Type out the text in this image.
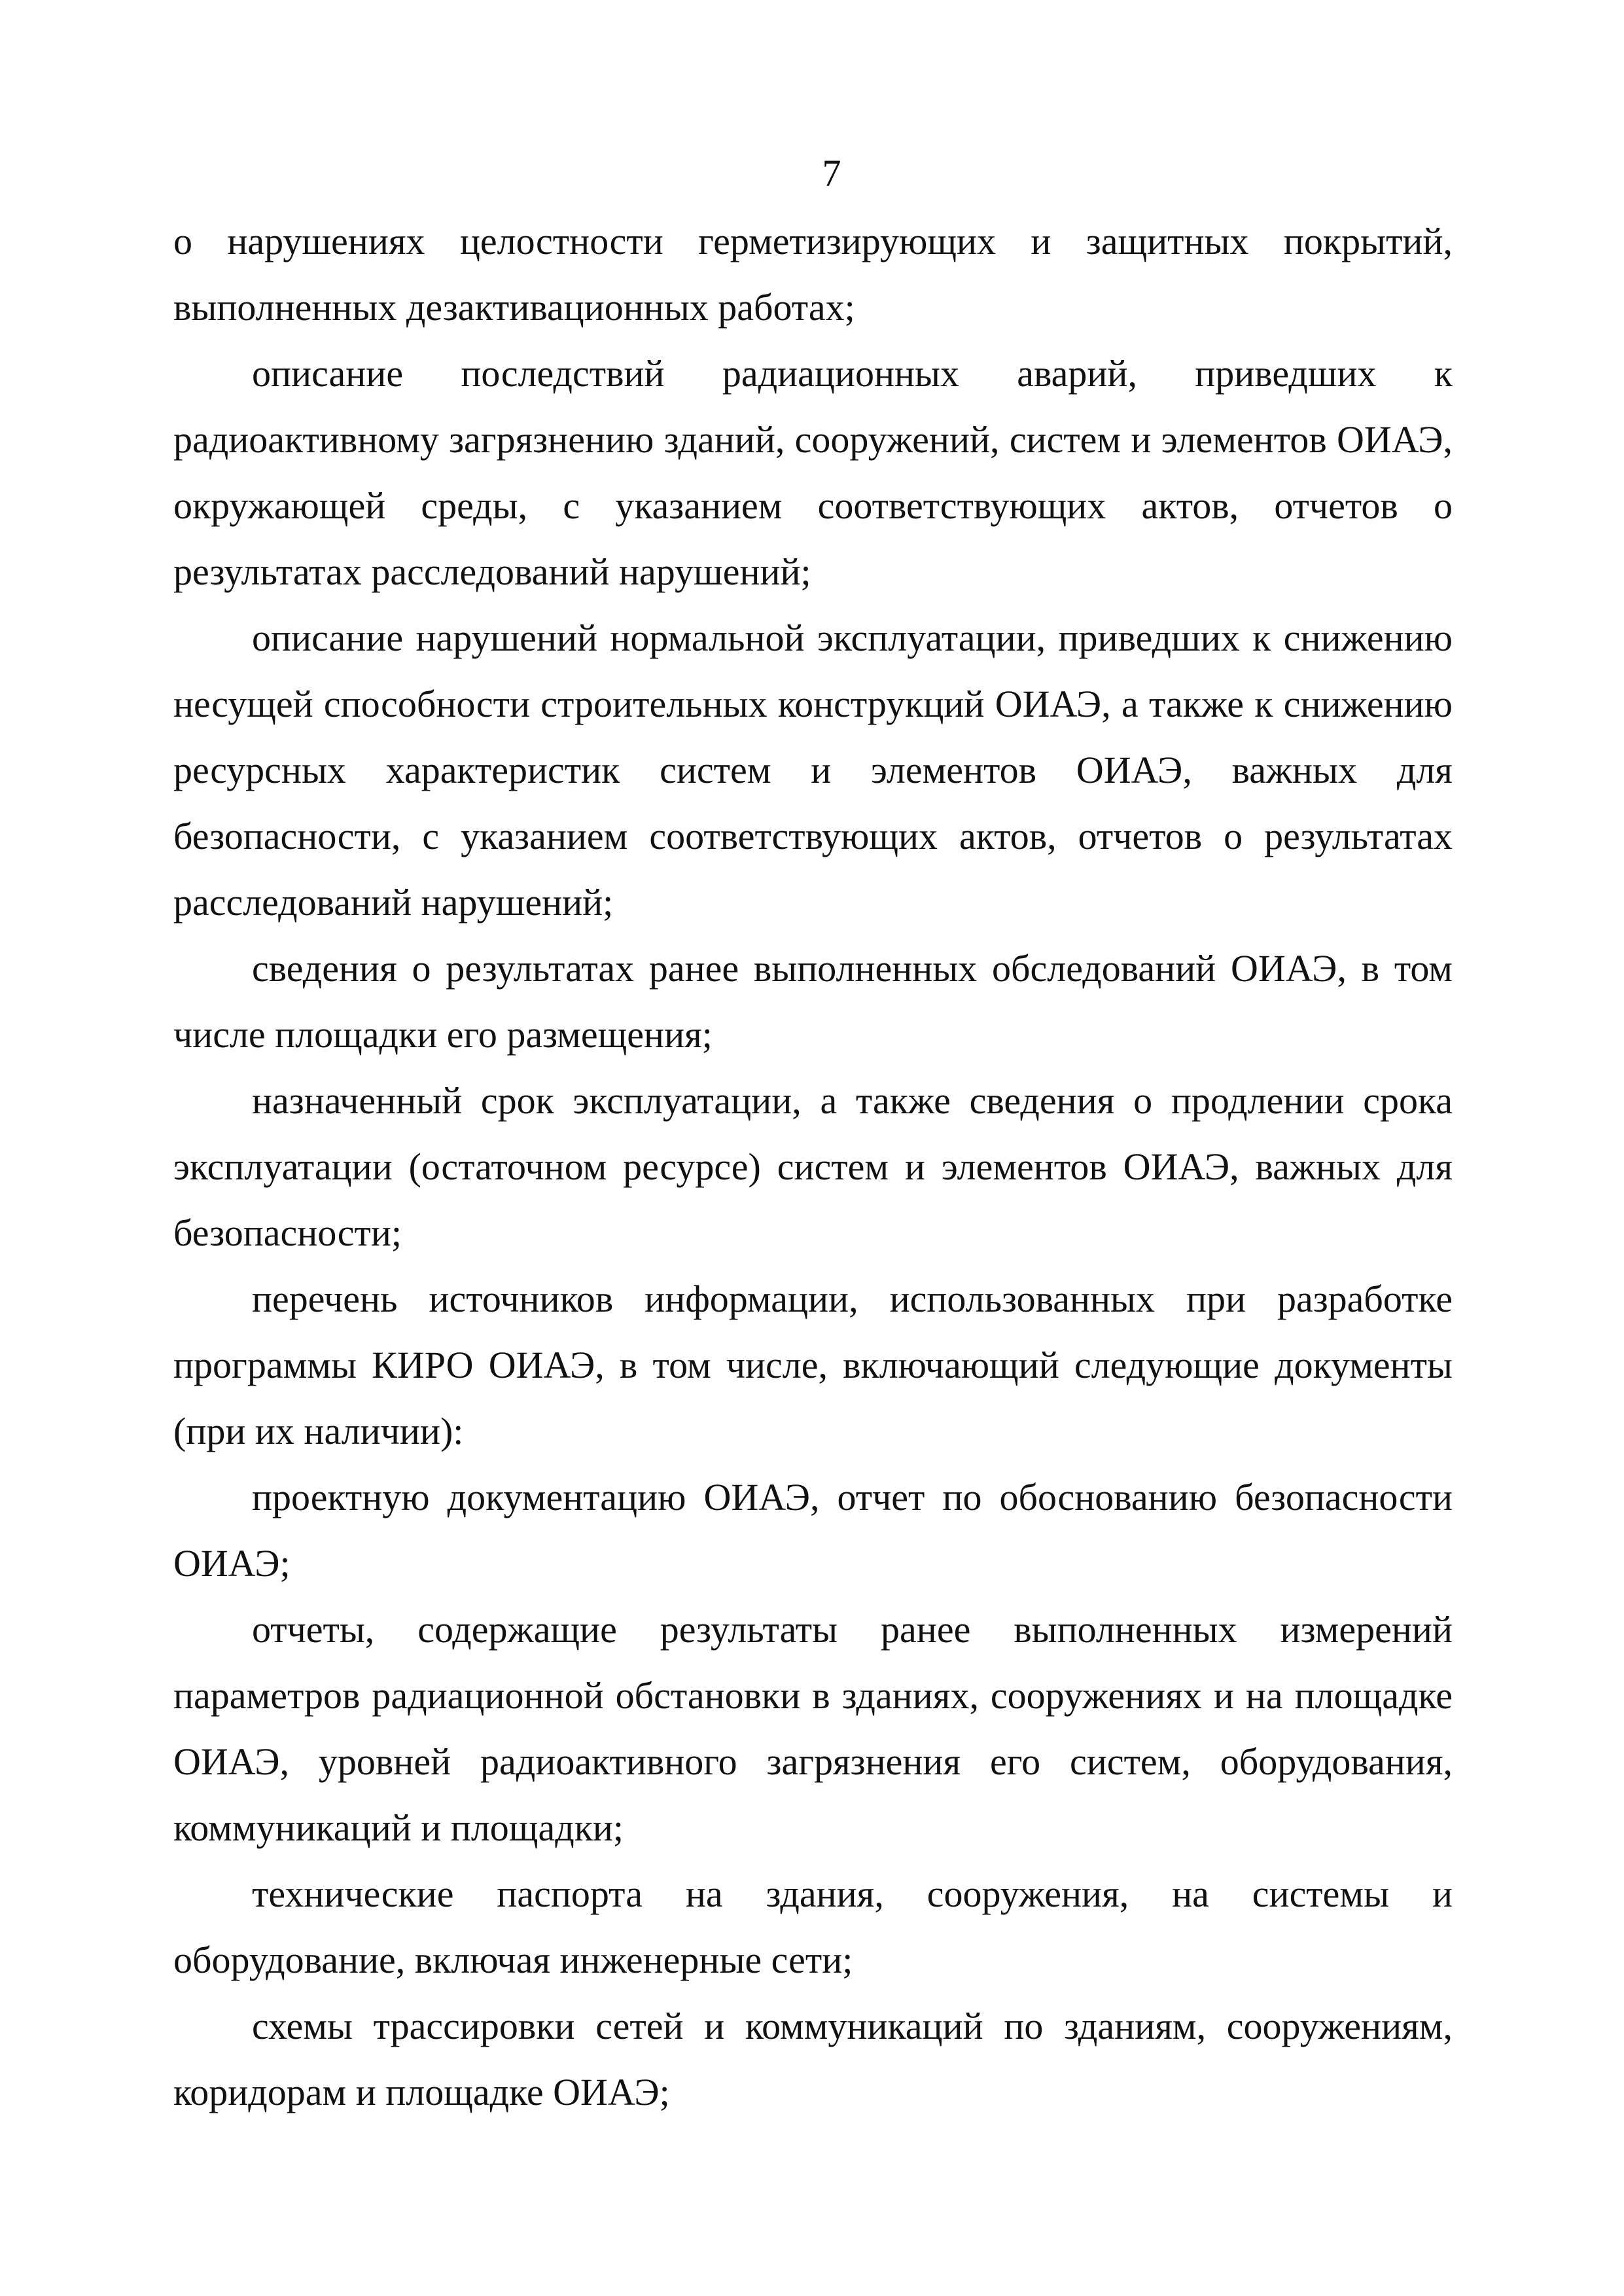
7

о нарушениях целостности герметизирующих и защитных покрытий, выполненных дезактивационных работах;

описание последствий радиационных аварий, приведших к радиоактивному загрязнению зданий, сооружений, систем и элементов ОИАЭ, окружающей среды, с указанием соответствующих актов, отчетов о результатах расследований нарушений;

описание нарушений нормальной эксплуатации, приведших к снижению несущей способности строительных конструкций ОИАЭ, а также к снижению ресурсных характеристик систем и элементов ОИАЭ, важных для безопасности, с указанием соответствующих актов, отчетов о результатах расследований нарушений;

сведения о результатах ранее выполненных обследований ОИАЭ, в том числе площадки его размещения;

назначенный срок эксплуатации, а также сведения о продлении срока эксплуатации (остаточном ресурсе) систем и элементов ОИАЭ, важных для безопасности;

перечень источников информации, использованных при разработке программы КИРО ОИАЭ, в том числе, включающий следующие документы (при их наличии):

проектную документацию ОИАЭ, отчет по обоснованию безопасности ОИАЭ;

отчеты, содержащие результаты ранее выполненных измерений параметров радиационной обстановки в зданиях, сооружениях и на площадке ОИАЭ, уровней радиоактивного загрязнения его систем, оборудования, коммуникаций и площадки;

технические паспорта на здания, сооружения, на системы и оборудование, включая инженерные сети;

схемы трассировки сетей и коммуникаций по зданиям, сооружениям, коридорам и площадке ОИАЭ;
